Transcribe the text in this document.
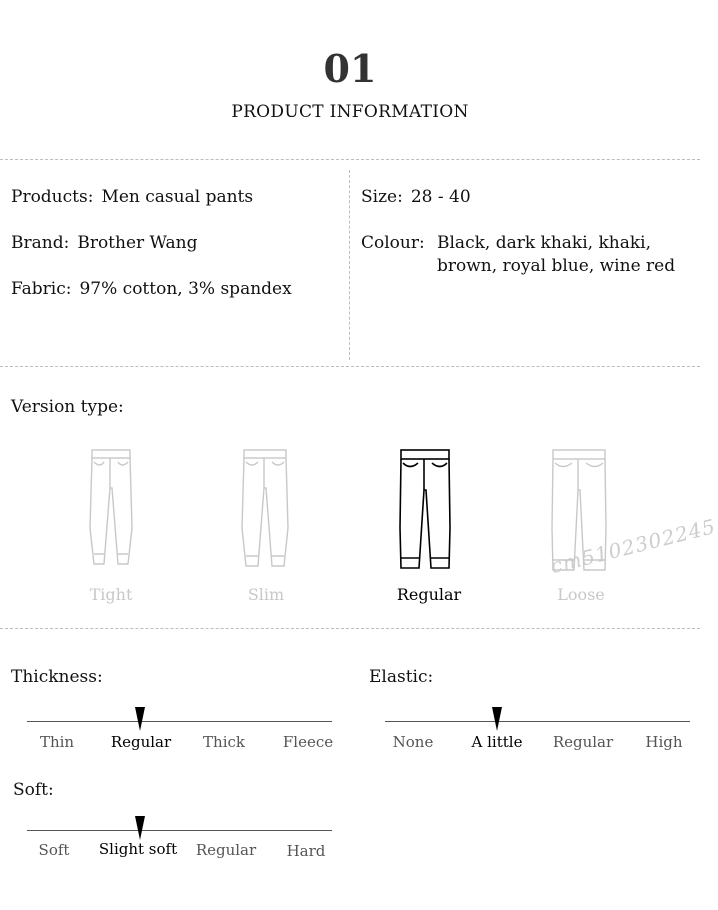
01
PRODUCT INFORMATION
Products: Men casual pants
Brand: Brother Wang
Fabric: 97% cotton, 3% spandex
Size: 28 - 40
Colour: Black, dark khaki, khaki,
brown, royal blue, wine red
Version type:
Tight	Slim	Regular	Loose
cm5102302245
Thickness:
Thin Regular Thick	Fleece
Elastic:
None	A little Regular High
Soft:
Soft Slight soft Regular Hard
